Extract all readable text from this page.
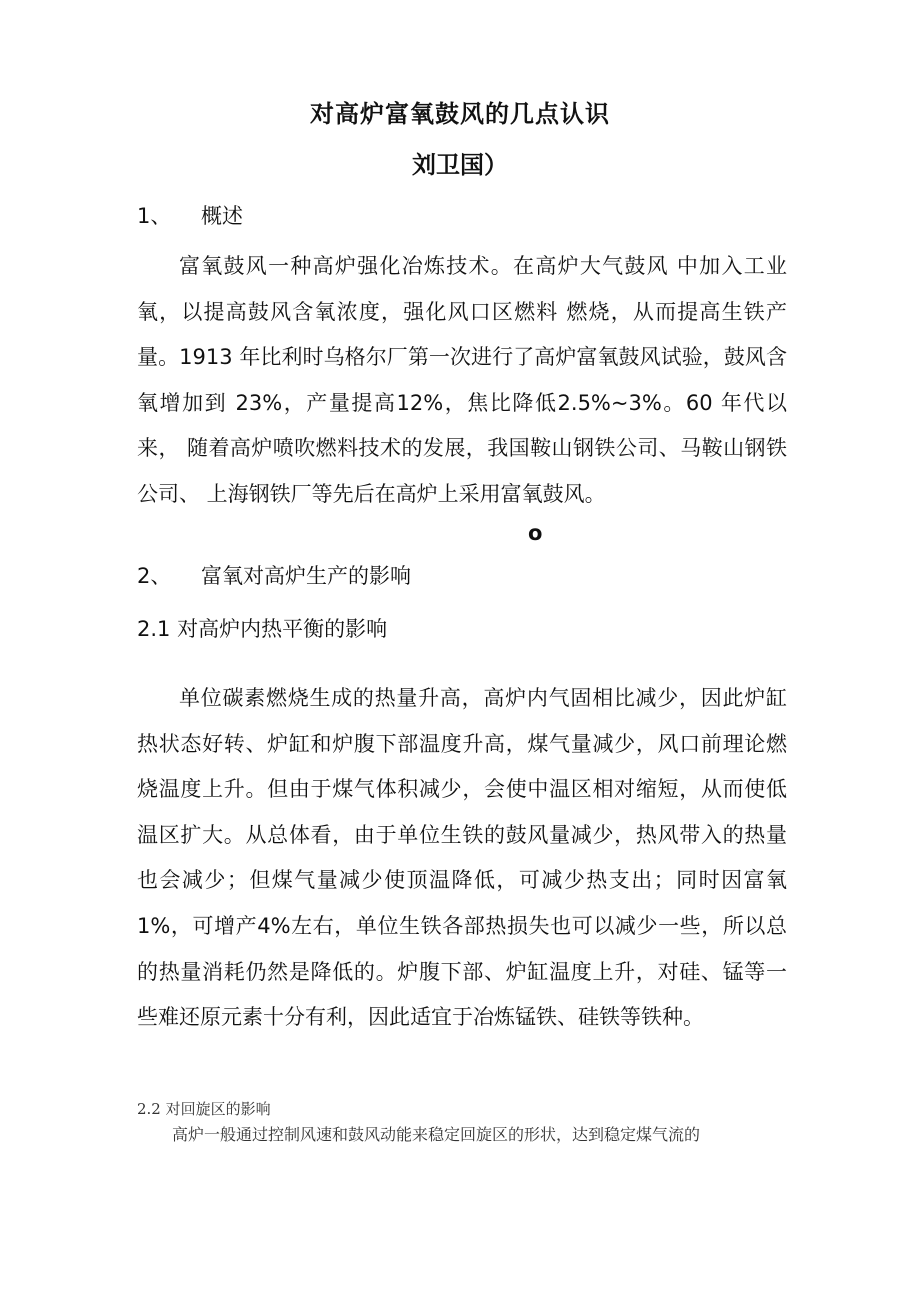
对高炉富氧鼓风的几点认识
刘卫国）
1、 概述
富氧鼓风一种高炉强化冶炼技术。在高炉大气鼓风 中加入工业氧，以提高鼓风含氧浓度，强化风口区燃料 燃烧，从而提高生铁产量。1913 年比利时乌格尔厂第一次进行了高炉富氧鼓风试验，鼓风含氧增加到 23%，产量提高12%，焦比降低2.5%~3%。60 年代以来， 随着高炉喷吹燃料技术的发展，我国鞍山钢铁公司、马鞍山钢铁公司、 上海钢铁厂等先后在高炉上采用富氧鼓风。
o
2、 富氧对高炉生产的影响
2.1 对高炉内热平衡的影响
单位碳素燃烧生成的热量升高，高炉内气固相比减少，因此炉缸热状态好转、炉缸和炉腹下部温度升高，煤气量减少，风口前理论燃烧温度上升。但由于煤气体积减少，会使中温区相对缩短，从而使低温区扩大。从总体看，由于单位生铁的鼓风量减少，热风带入的热量也会减少；但煤气量减少使顶温降低，可减少热支出；同时因富氧1%，可增产4%左右，单位生铁各部热损失也可以减少一些，所以总的热量消耗仍然是降低的。炉腹下部、炉缸温度上升，对硅、锰等一些难还原元素十分有利，因此适宜于冶炼锰铁、硅铁等铁种。
2.2 对回旋区的影响
高炉一般通过控制风速和鼓风动能来稳定回旋区的形状，达到稳定煤气流的
